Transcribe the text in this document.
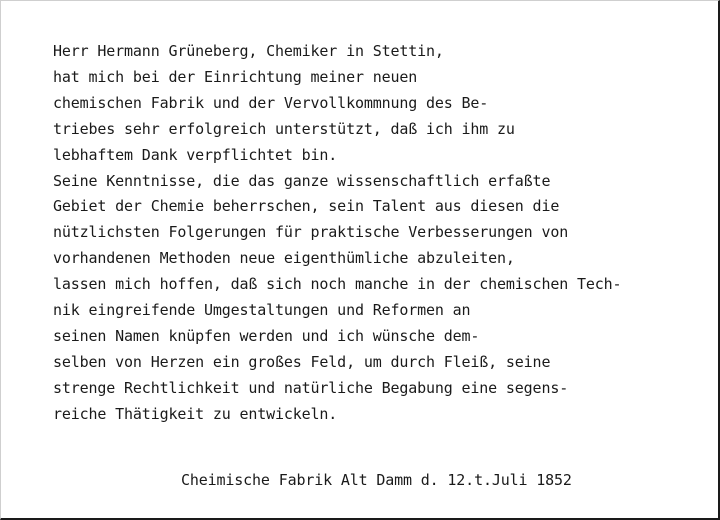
Herr Hermann Grüneberg, Chemiker in Stettin,
hat mich bei der Einrichtung meiner neuen
chemischen Fabrik und der Vervollkommnung des Be-
triebes sehr erfolgreich unterstützt, daß ich ihm zu
lebhaftem Dank verpflichtet bin.
Seine Kenntnisse, die das ganze wissenschaftlich erfaßte
Gebiet der Chemie beherrschen, sein Talent aus diesen die
nützlichsten Folgerungen für praktische Verbesserungen von
vorhandenen Methoden neue eigenthümliche abzuleiten,
lassen mich hoffen, daß sich noch manche in der chemischen Tech-
nik eingreifende Umgestaltungen und Reformen an
seinen Namen knüpfen werden und ich wünsche dem-
selben von Herzen ein großes Feld, um durch Fleiß, seine
strenge Rechtlichkeit und natürliche Begabung eine segens-
reiche Thätigkeit zu entwickeln.
Cheimische Fabrik Alt Damm d. 12.t.Juli 1852
